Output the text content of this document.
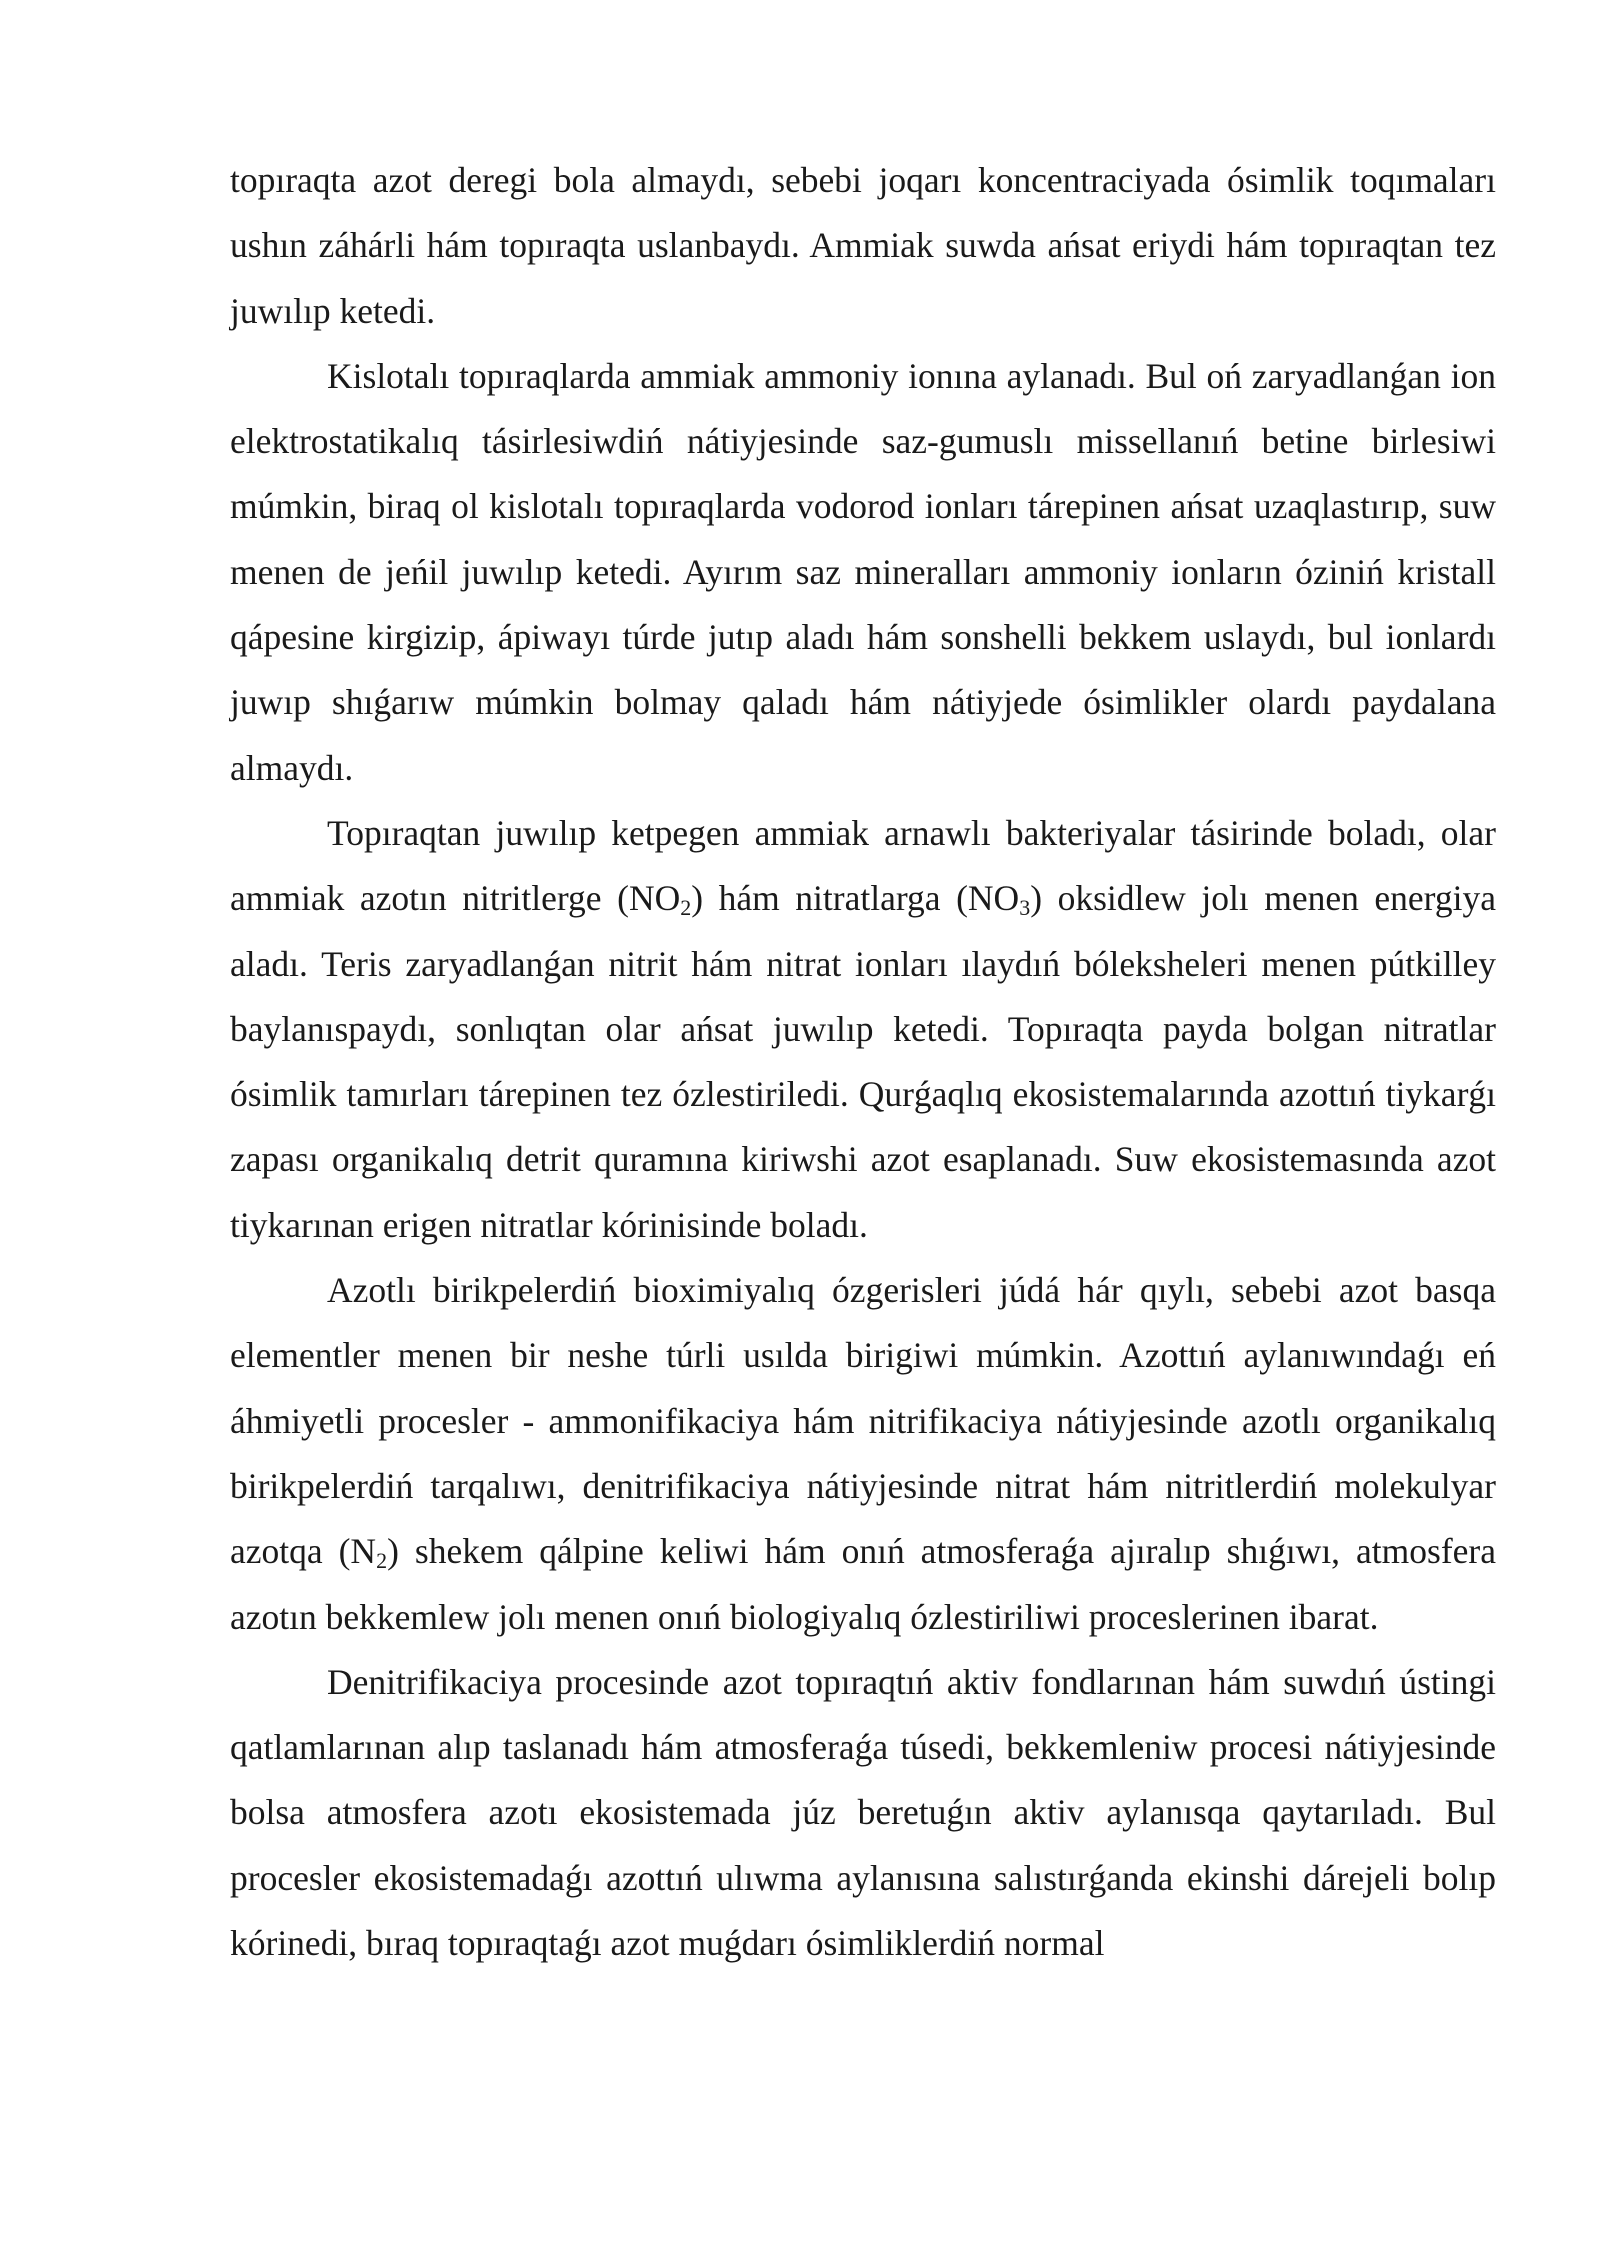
topıraqta azot deregi bola almaydı, sebebi joqarı koncentraciyada ósimlik toqımaları ushın záhárli hám topıraqta uslanbaydı. Ammiak suwda ańsat eriydi hám topıraqtan tez juwılıp ketedi.

Kislotalı topıraqlarda ammiak ammoniy ionına aylanadı. Bul oń zaryadlanǵan ion elektrostatikalıq tásirlesiwdiń nátiyjesinde saz-gumuslı missellanıń betine birlesiwi múmkin, biraq ol kislotalı topıraqlarda vodorod ionları tárepinen ańsat uzaqlastırıp, suw menen de jeńil juwılıp ketedi. Ayırım saz mineralları ammoniy ionların óziniń kristall qápesine kirgizip, ápiwayı túrde jutıp aladı hám sonshelli bekkem uslaydı, bul ionlardı juwıp shıǵarıw múmkin bolmay qaladı hám nátiyjede ósimlikler olardı paydalana almaydı.

Topıraqtan juwılıp ketpegen ammiak arnawlı bakteriyalar tásirinde boladı, olar ammiak azotın nitritlerge $(NO_2)$ hám nitratlarga $(NO_3)$ oksidlew jolı menen energiya aladı. Teris zaryadlanǵan nitrit hám nitrat ionları ılaydıń bólekshelerі menen pútkilley baylanıspaydı, sonlıqtan olar ańsat juwılıp ketedi. Topıraqta payda bolgan nitratlar ósimlik tamırları tárepinen tez ózlestiriledi. Qurǵaqlıq ekosistemalarında azottıń tiykarǵı zapası organikalıq detrit quramına kiriwshi azot esaplanadı. Suw ekosistemasında azot tiykarınan erigen nitratlar kórinisinde boladı.

Azotlı birikpelerdiń bioximiyalıq ózgerisleri júdá hár qıylı, sebebi azot basqa elementler menen bir neshe túrli usılda birigiwi múmkin. Azottıń aylanıwındaǵı eń áhmiyetli procesler - ammonifikaciya hám nitrifikaciya nátiyjesinde azotlı organikalıq birikpelerdiń tarqalıwı, denitrifikaciya nátiyjesinde nitrat hám nitritlerdiń molekulyar azotqa $(N_2)$ shekem qálpine keliwi hám onıń atmosferaǵa ajıralıp shıǵıwı, atmosfera azotın bekkemlew jolı menen onıń biologiyalıq ózlestiriliwi proceslerinen ibarat.

Denitrifikaciya procesinde azot topıraqtıń aktiv fondlarınan hám suwdıń ústingi qatlamlarınan alıp taslanadı hám atmosferaǵa túsedi, bekkemleniw procesi nátiyjesinde bolsa atmosfera azotı ekosistemada júz beretuǵın aktiv aylanısqa qaytarıladı. Bul procesler ekosistemadaǵı azottıń ulıwma aylanısına salıstırǵanda ekinshi dárejeli bolıp kórinedi, bıraq topıraqtaǵı azot muǵdarı ósimliklerdiń normal
